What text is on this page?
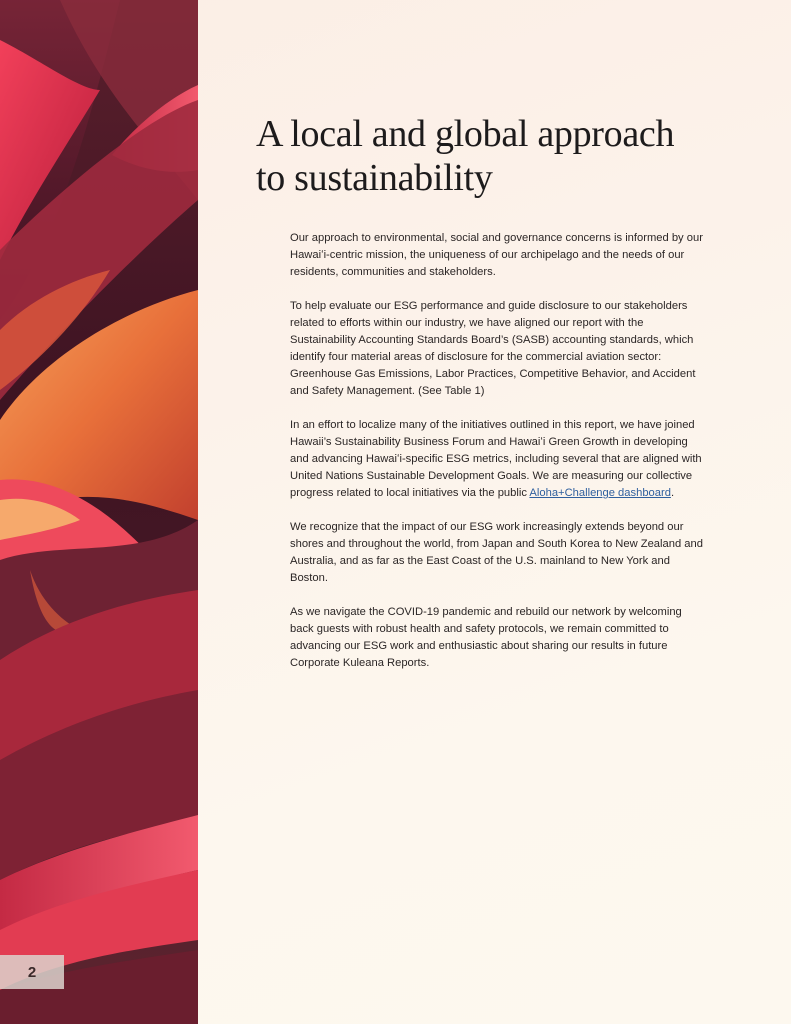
2
A local and global approach
to sustainability

Our approach to environmental, social and governance concerns is informed by our Hawaiʻi-centric mission, the uniqueness of our archipelago and the needs of our residents, communities and stakeholders.

To help evaluate our ESG performance and guide disclosure to our stakeholders related to efforts within our industry, we have aligned our report with the Sustainability Accounting Standards Board’s (SASB) accounting standards, which identify four material areas of disclosure for the commercial aviation sector: Greenhouse Gas Emissions, Labor Practices, Competitive Behavior, and Accident and Safety Management. (See Table 1)

In an effort to localize many of the initiatives outlined in this report, we have joined Hawaii’s Sustainability Business Forum and Hawaiʻi Green Growth in developing and advancing Hawaiʻi-specific ESG metrics, including several that are aligned with United Nations Sustainable Development Goals. We are measuring our collective progress related to local initiatives via the public Aloha+Challenge dashboard.

We recognize that the impact of our ESG work increasingly extends beyond our shores and throughout the world, from Japan and South Korea to New Zealand and Australia, and as far as the East Coast of the U.S. mainland to New York and Boston.

As we navigate the COVID-19 pandemic and rebuild our network by welcoming back guests with robust health and safety protocols, we remain committed to advancing our ESG work and enthusiastic about sharing our results in future Corporate Kuleana Reports.
